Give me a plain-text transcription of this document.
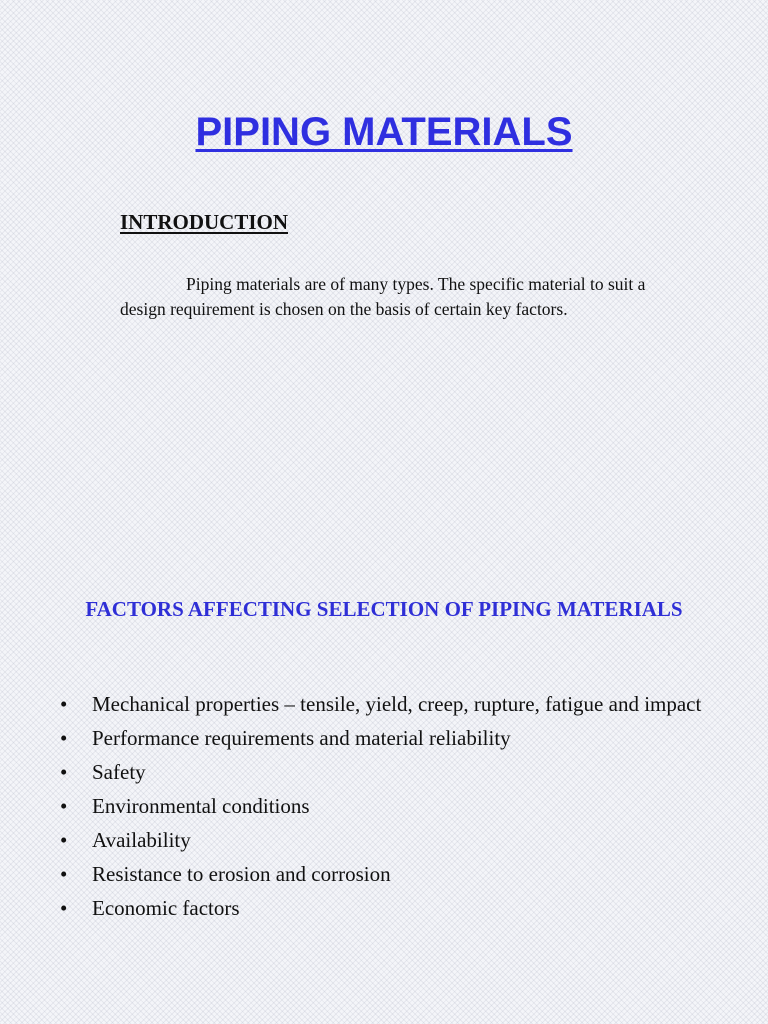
PIPING MATERIALS
INTRODUCTION
Piping materials are of many types. The specific material to suit a design requirement is chosen on the basis of certain key factors.
FACTORS AFFECTING SELECTION OF PIPING MATERIALS
• Mechanical properties – tensile, yield, creep, rupture, fatigue and impact
• Performance requirements and material reliability
• Safety
• Environmental conditions
• Availability
• Resistance to erosion and corrosion
• Economic factors
